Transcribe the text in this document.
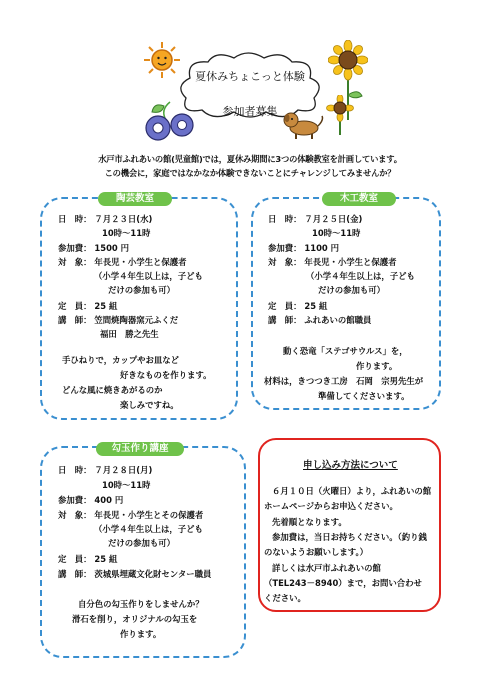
夏休みちょこっと体験
参加者募集
水戸市ふれあいの館(児童館)では，夏休み期間に3つの体験教室を計画しています。
この機会に，家庭ではなかなか体験できないことにチャレンジしてみませんか？
陶芸教室
日　時： ７月２３日(水)
10時～11時
参加費： 1500 円
対　象： 年長児・小学生と保護者
（小学４年生以上は，子ども
だけの参加も可）
定　員： 25 組
講　師： 笠間焼陶器窯元ふくだ
福田　勝之先生
手ひねりで，カップやお皿など
好きなものを作ります。
どんな風に焼きあがるのか
楽しみですね。
木工教室
日　時： ７月２５日(金)
10時～11時
参加費： 1100 円
対　象： 年長児・小学生と保護者
（小学４年生以上は，子ども
だけの参加も可）
定　員： 25 組
講　師： ふれあいの館職員
動く恐竜「ステゴサウルス」を，
作ります。
材料は，きつつき工房　石岡　宗男先生が
準備してくださいます。
勾玉作り講座
日　時： ７月２８日(月)
10時～11時
参加費： 400 円
対　象： 年長児・小学生とその保護者
（小学４年生以上は，子ども
だけの参加も可）
定　員： 25 組
講　師： 茨城県埋蔵文化財センター職員
自分色の勾玉作りをしませんか？
滑石を削り，オリジナルの勾玉を
作ります。
申し込み方法について
６月１０日（火曜日）より，ふれあいの館
ホームページからお申込ください。
先着順となります。
参加費は，当日お持ちください。（釣り銭
のないようお願いします。）
詳しくは水戸市ふれあいの館
（TEL243－8940）まで，お問い合わせ
ください。
